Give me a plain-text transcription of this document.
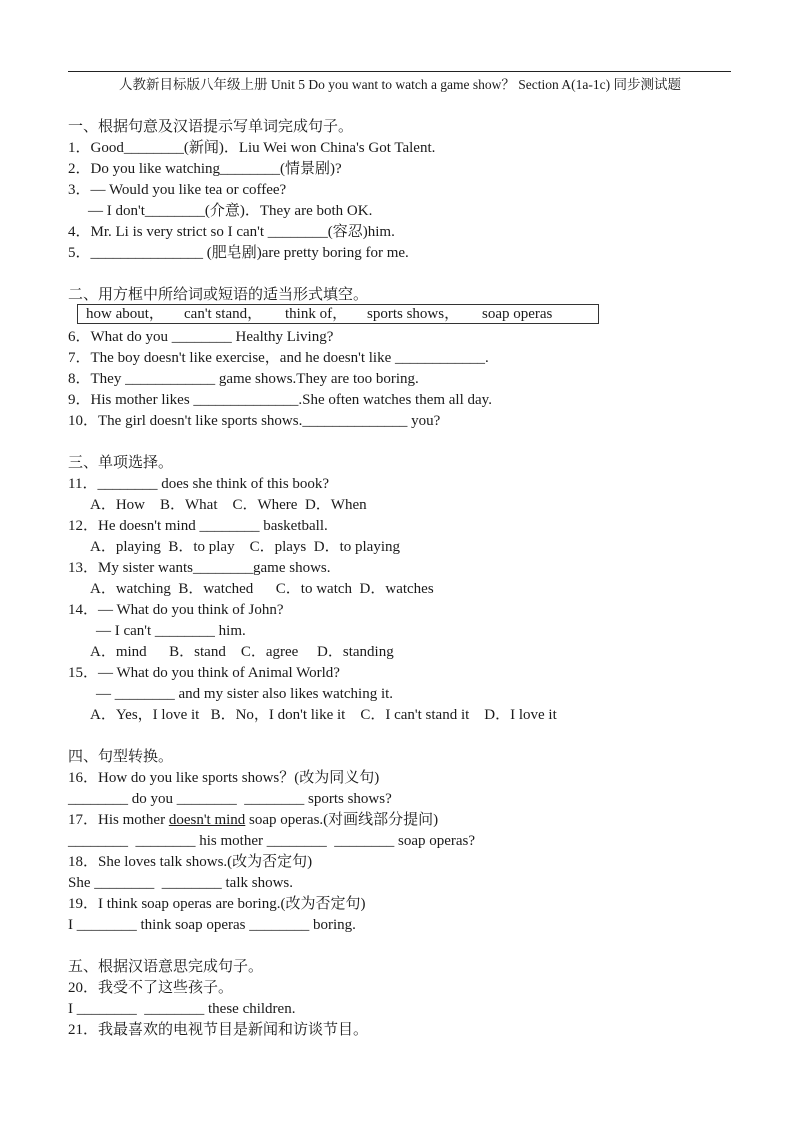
人教新目标版八年级上册 Unit 5 Do you want to watch a game show？ Section A(1a-1c) 同步测试题
一、根据句意及汉语提示写单词完成句子。
1．Good________(新闻)．Liu Wei won China's Got Talent.
2．Do you like watching________(情景剧)?
3．— Would you like tea or coffee?
— I don't________(介意)．They are both OK.
4．Mr. Li is very strict so I can't ________(容忍)him.
5．_______________ (肥皂剧)are pretty boring for me.
二、用方框中所给词或短语的适当形式填空。
how about， can't stand， think of， sports shows， soap operas
6．What do you ________ Healthy Living?
7．The boy doesn't like exercise，and he doesn't like ____________.
8．They ____________ game shows.They are too boring.
9．His mother likes ______________.She often watches them all day.
10．The girl doesn't like sports shows.______________ you?
三、单项选择。
11．________ does she think of this book?
A．How    B．What    C．Where  D．When
12．He doesn't mind ________ basketball.
A．playing  B．to play    C．plays  D．to playing
13．My sister wants________game shows.
A．watching  B．watched      C．to watch  D．watches
14．— What do you think of John?
— I can't ________ him.
A．mind      B．stand    C．agree     D．standing
15．— What do you think of Animal World?
— ________ and my sister also likes watching it.
A．Yes，I love it   B．No，I don't like it    C．I can't stand it    D．I love it
四、句型转换。
16．How do you like sports shows？(改为同义句)
________ do you ________  ________ sports shows?
17．His mother doesn't mind soap operas.(对画线部分提问)
________  ________ his mother ________  ________ soap operas?
18．She loves talk shows.(改为否定句)
She ________  ________ talk shows.
19．I think soap operas are boring.(改为否定句)
I ________ think soap operas ________ boring.
五、根据汉语意思完成句子。
20．我受不了这些孩子。
I ________  ________ these children.
21．我最喜欢的电视节目是新闻和访谈节目。
